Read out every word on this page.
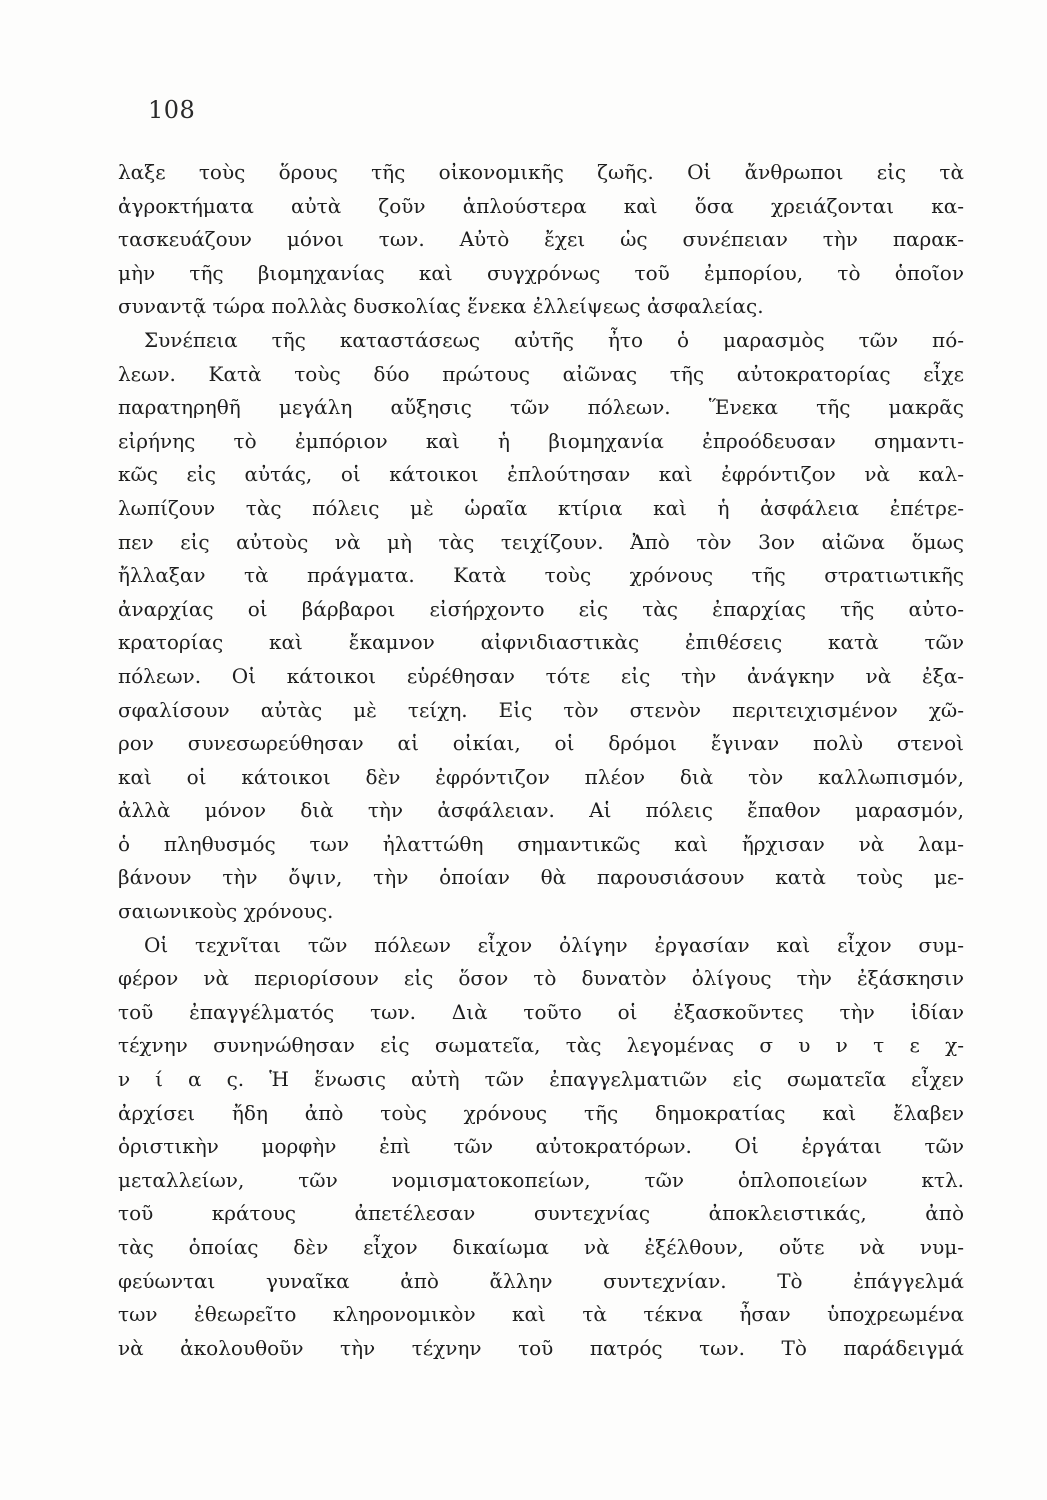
108
λαξε τοὺς ὅρους τῆς οἰκονομικῆς ζωῆς. Οἱ ἄνθρωποι εἰς τὰ
ἀγροκτήματα αὐτὰ ζοῦν ἁπλούστερα καὶ ὅσα χρειάζονται κα-
τασκευάζουν μόνοι των. Αὐτὸ ἔχει ὡς συνέπειαν τὴν παρακ-
μὴν τῆς βιομηχανίας καὶ συγχρόνως τοῦ ἐμπορίου, τὸ ὁποῖον
συναντᾷ τώρα πολλὰς δυσκολίας ἕνεκα ἐλλείψεως ἀσφαλείας.
Συνέπεια τῆς καταστάσεως αὐτῆς ἦτο ὁ μαρασμὸς τῶν πό-
λεων. Κατὰ τοὺς δύο πρώτους αἰῶνας τῆς αὐτοκρατορίας εἶχε
παρατηρηθῆ μεγάλη αὔξησις τῶν πόλεων. Ἕνεκα τῆς μακρᾶς
εἰρήνης τὸ ἐμπόριον καὶ ἡ βιομηχανία ἐπροόδευσαν σημαντι-
κῶς εἰς αὐτάς, οἱ κάτοικοι ἐπλούτησαν καὶ ἐφρόντιζον νὰ καλ-
λωπίζουν τὰς πόλεις μὲ ὡραῖα κτίρια καὶ ἡ ἀσφάλεια ἐπέτρε-
πεν εἰς αὐτοὺς νὰ μὴ τὰς τειχίζουν. Ἀπὸ τὸν 3ον αἰῶνα ὅμως
ἤλλαξαν τὰ πράγματα. Κατὰ τοὺς χρόνους τῆς στρατιωτικῆς
ἀναρχίας οἱ βάρβαροι εἰσήρχοντο εἰς τὰς ἐπαρχίας τῆς αὐτο-
κρατορίας καὶ ἔκαμνον αἰφνιδιαστικὰς ἐπιθέσεις κατὰ τῶν
πόλεων. Οἱ κάτοικοι εὑρέθησαν τότε εἰς τὴν ἀνάγκην νὰ ἐξα-
σφαλίσουν αὐτὰς μὲ τείχη. Εἰς τὸν στενὸν περιτειχισμένον χῶ-
ρον συνεσωρεύθησαν αἱ οἰκίαι, οἱ δρόμοι ἔγιναν πολὺ στενοὶ
καὶ οἱ κάτοικοι δὲν ἐφρόντιζον πλέον διὰ τὸν καλλωπισμόν,
ἀλλὰ μόνον διὰ τὴν ἀσφάλειαν. Αἱ πόλεις ἔπαθον μαρασμόν,
ὁ πληθυσμός των ἠλαττώθη σημαντικῶς καὶ ἤρχισαν νὰ λαμ-
βάνουν τὴν ὄψιν, τὴν ὁποίαν θὰ παρουσιάσουν κατὰ τοὺς με-
σαιωνικοὺς χρόνους.
Οἱ τεχνῖται τῶν πόλεων εἶχον ὀλίγην ἐργασίαν καὶ εἶχον συμ-
φέρον νὰ περιορίσουν εἰς ὅσον τὸ δυνατὸν ὀλίγους τὴν ἐξάσκησιν
τοῦ ἐπαγγέλματός των. Διὰ τοῦτο οἱ ἐξασκοῦντες τὴν ἰδίαν
τέχνην συνηνώθησαν εἰς σωματεῖα, τὰς λεγομένας σ υ ν τ ε χ-
ν ί α ς. Ἡ ἕνωσις αὐτὴ τῶν ἐπαγγελματιῶν εἰς σωματεῖα εἶχεν
ἀρχίσει ἤδη ἀπὸ τοὺς χρόνους τῆς δημοκρατίας καὶ ἔλαβεν
ὁριστικὴν μορφὴν ἐπὶ τῶν αὐτοκρατόρων. Οἱ ἐργάται τῶν
μεταλλείων, τῶν νομισματοκοπείων, τῶν ὁπλοποιείων κτλ.
τοῦ κράτους ἀπετέλεσαν συντεχνίας ἀποκλειστικάς, ἀπὸ
τὰς ὁποίας δὲν εἶχον δικαίωμα νὰ ἐξέλθουν, οὔτε νὰ νυμ-
φεύωνται γυναῖκα ἀπὸ ἄλλην συντεχνίαν. Τὸ ἐπάγγελμά
των ἐθεωρεῖτο κληρονομικὸν καὶ τὰ τέκνα ἦσαν ὑποχρεωμένα
νὰ ἀκολουθοῦν τὴν τέχνην τοῦ πατρός των. Τὸ παράδειγμά
